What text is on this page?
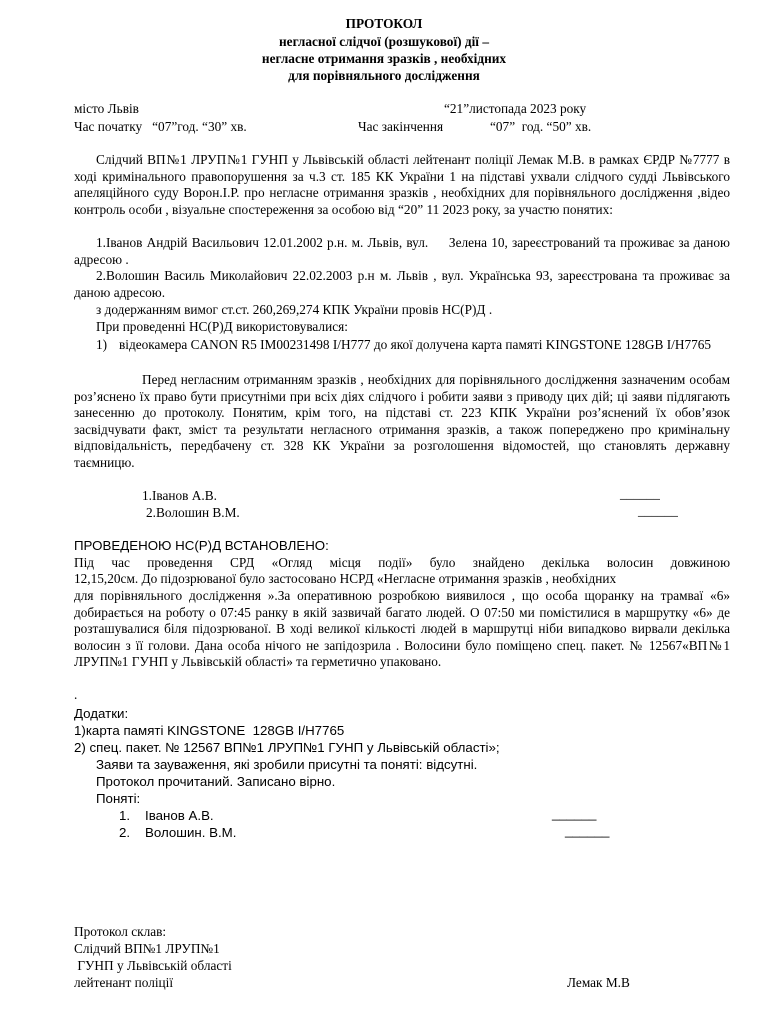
ПРОТОКОЛ
негласної слідчої (розшукової) дії –
негласне отримання зразків , необхідних
для порівняльного дослідження
місто Львів	“21”листопада 2023 року
Час початку   “07”год. “30” хв.	Час закінчення	“07”  год. “50” хв.
Слідчий ВП№1 ЛРУП№1 ГУНП у Львівській області лейтенант поліції Лемак М.В. в рамках ЄРДР №7777 в ході кримінального правопорушення за ч.3 ст. 185 КК України 1 на підставі ухвали слідчого судді Львівського апеляційного суду Ворон.І.Р. про негласне отримання зразків , необхідних для порівняльного дослідження ,відео контроль особи , візуальне спостереження за особою від “20” 11 2023 року, за участю понятих:
1.Іванов Андрій Васильович 12.01.2002 р.н. м. Львів, вул.     Зелена 10, зареєстрований та проживає за даною адресою .
2.Волошин Василь Миколайович 22.02.2003 р.н м. Львів , вул. Українська 93, зареєстрована та проживає за даною адресою.
з додержанням вимог ст.ст. 260,269,274 КПК України провів НС(Р)Д .
При проведенні НС(Р)Д використовувалися:
1) відеокамера CANON R5 IM00231498 I/H777 до якої долучена карта памяті KINGSTONE 128GB I/H7765
Перед негласним отриманням зразків , необхідних для порівняльного дослідження зазначеним особам роз’яснено їх право бути присутніми при всіх діях слідчого і робити заяви з приводу цих дій; ці заяви підлягають занесенню до протоколу. Понятим, крім того, на підставі ст. 223 КПК України роз’яснений їх обов’язок засвідчувати факт, зміст та результати негласного отримання зразків, а також попереджено про кримінальну відповідальність, передбачену ст. 328 КК України за розголошення відомостей, що становлять державну таємницю.
1.Іванов А.В.	______
2.Волошин В.М.	______
ПРОВЕДЕНОЮ НС(Р)Д ВСТАНОВЛЕНО:
Під час проведення СРД «Огляд місця події» було знайдено декілька волосин довжиною
12,15,20см. До підозрюваної було застосовано НСРД «Негласне отримання зразків , необхідних
для порівняльного дослідження ».За оперативною розробкою виявилося , що особа щоранку на трамваї «6» добирається на роботу о 07:45 ранку в якій зазвичай багато людей. О 07:50 ми помістилися в маршрутку «6» де розташувалися біля підозрюваної. В ході великої кількості людей в маршрутці ніби випадково вирвали декілька волосин з її голови. Дана особа нічого не запідозрила . Волосини було поміщено спец. пакет. № 12567«ВП№1 ЛРУП№1 ГУНП у Львівській області» та герметично упаковано.
.
Додатки:
1)карта памяті KINGSTONE  128GB I/H7765
2) спец. пакет. № 12567 ВП№1 ЛРУП№1 ГУНП у Львівській області»;
Заяви та зауваження, які зробили присутні та поняті: відсутні.
Протокол прочитаний. Записано вірно.
Поняті:
1. Іванов А.В.	______
2. Волошин. В.М.	______
Протокол склав:
Слідчий ВП№1 ЛРУП№1
ГУНП у Львівській області
лейтенант поліції	Лемак М.В
